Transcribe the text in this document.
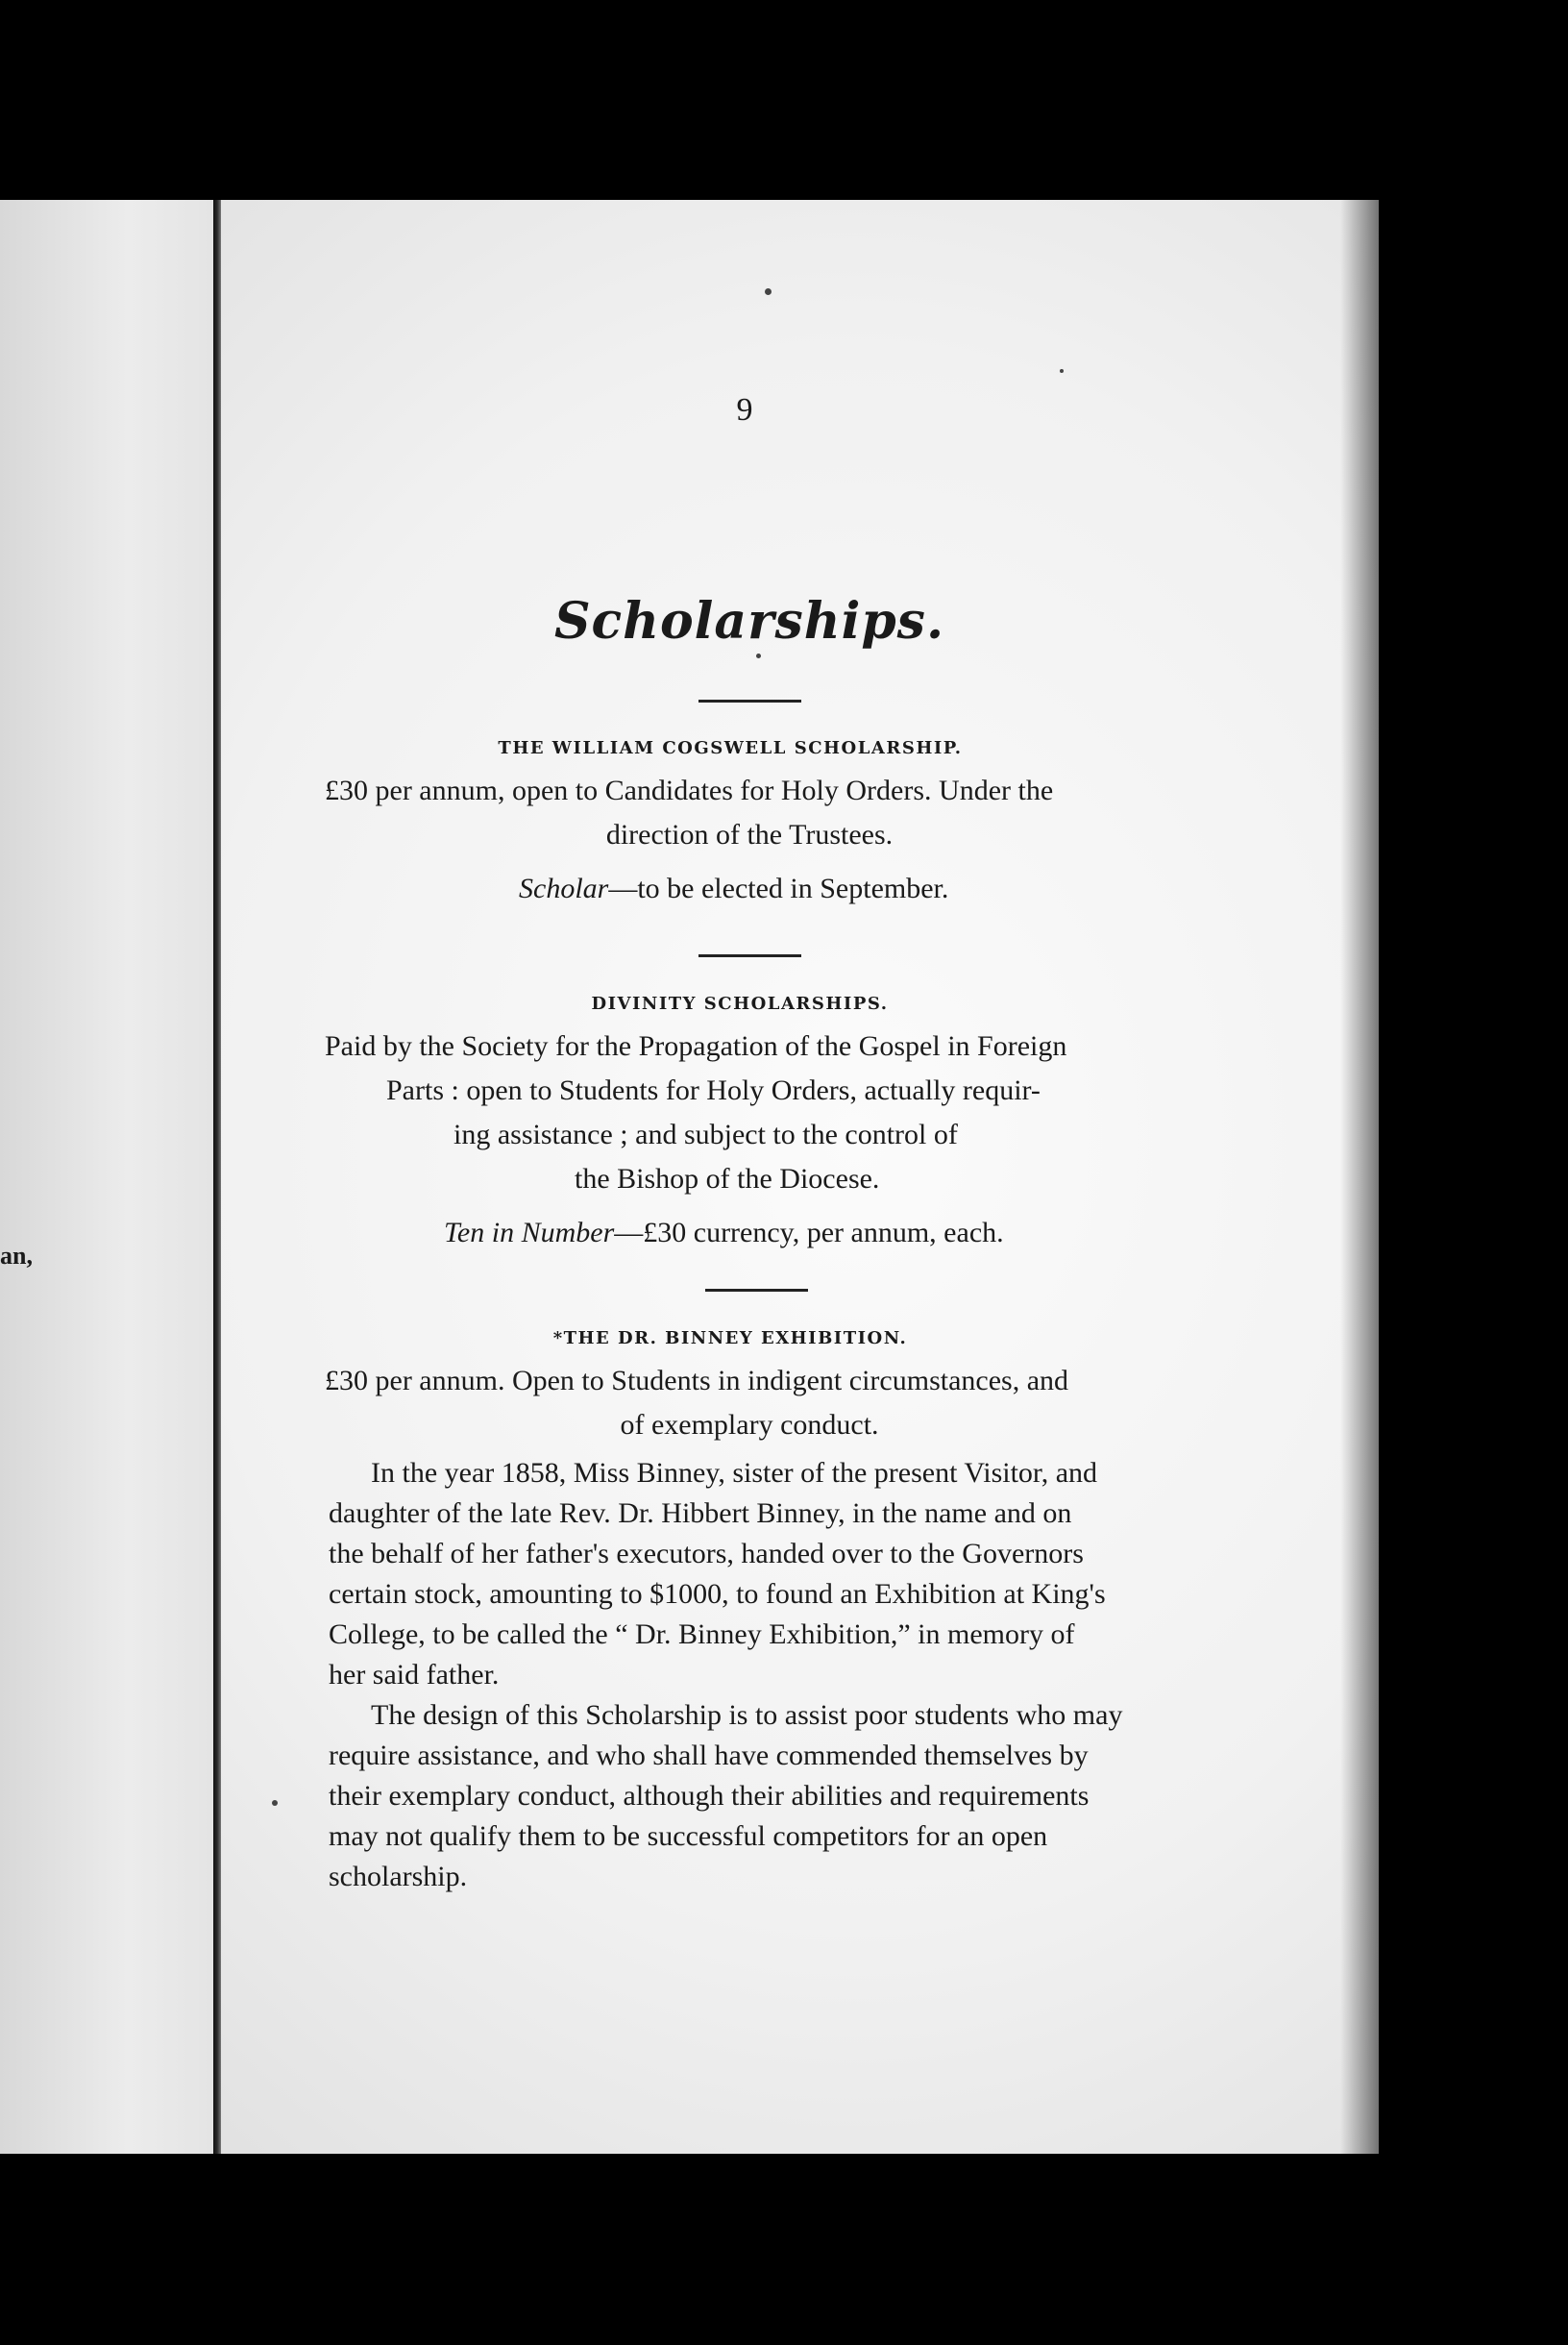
an,
9
Scholarships.
THE WILLIAM COGSWELL SCHOLARSHIP.
£30 per annum, open to Candidates for Holy Orders. Under the
direction of the Trustees.
Scholar—to be elected in September.
DIVINITY SCHOLARSHIPS.
Paid by the Society for the Propagation of the Gospel in Foreign
Parts : open to Students for Holy Orders, actually requir-
ing assistance ; and subject to the control of
the Bishop of the Diocese.
Ten in Number—£30 currency, per annum, each.
*THE DR. BINNEY EXHIBITION.
£30 per annum. Open to Students in indigent circumstances, and
of exemplary conduct.
In the year 1858, Miss Binney, sister of the present Visitor, and
daughter of the late Rev. Dr. Hibbert Binney, in the name and on
the behalf of her father's executors, handed over to the Governors
certain stock, amounting to $1000, to found an Exhibition at King's
College, to be called the “ Dr. Binney Exhibition,” in memory of
her said father.
The design of this Scholarship is to assist poor students who may
require assistance, and who shall have commended themselves by
their exemplary conduct, although their abilities and requirements
may not qualify them to be successful competitors for an open
scholarship.
